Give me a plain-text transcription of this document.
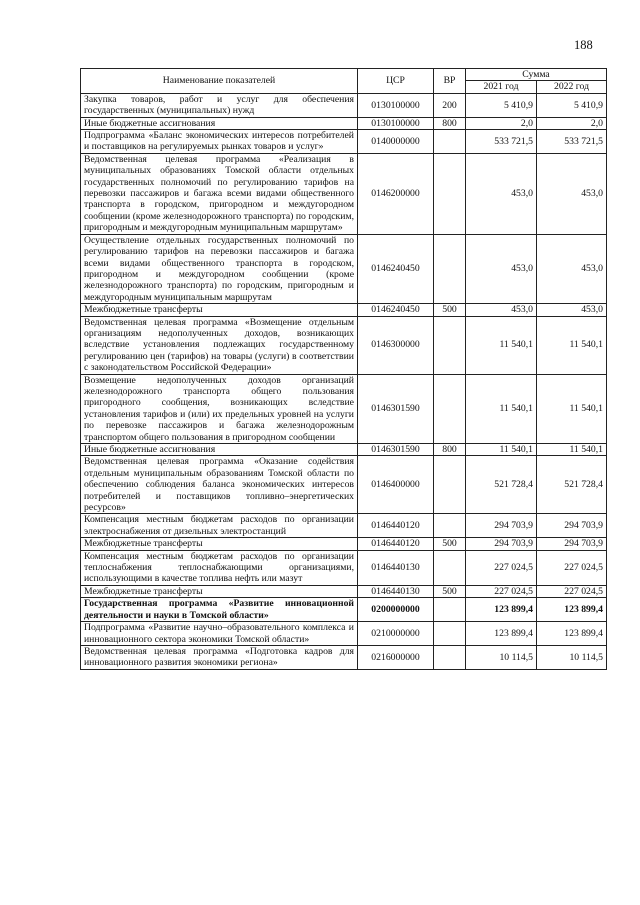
188
Наименование показателей	ЦСР	ВР	Сумма	
			2021 год	2022 год
Закупка товаров, работ и услуг для обеспечения государственных (муниципальных) нужд	0130100000	200	5 410,9	5 410,9
Иные бюджетные ассигнования	0130100000	800	2,0	2,0
Подпрограмма «Баланс экономических интересов потребителей и поставщиков на регулируемых рынках товаров и услуг»	0140000000		533 721,5	533 721,5
Ведомственная целевая программа «Реализация в муниципальных образованиях Томской области отдельных государственных полномочий по регулированию тарифов на перевозки пассажиров и багажа всеми видами общественного транспорта в городском, пригородном и междугородном сообщении (кроме железнодорожного транспорта) по городским, пригородным и междугородным муниципальным маршрутам»	0146200000		453,0	453,0
Осуществление отдельных государственных полномочий по регулированию тарифов на перевозки пассажиров и багажа всеми видами общественного транспорта в городском, пригородном и междугородном сообщении (кроме железнодорожного транспорта) по городским, пригородным и междугородным муниципальным маршрутам	0146240450		453,0	453,0
Межбюджетные трансферты	0146240450	500	453,0	453,0
Ведомственная целевая программа «Возмещение отдельным организациям недополученных доходов, возникающих вследствие установления подлежащих государственному регулированию цен (тарифов) на товары (услуги) в соответствии с законодательством Российской Федерации»	0146300000		11 540,1	11 540,1
Возмещение недополученных доходов организаций железнодорожного транспорта общего пользования пригородного сообщения, возникающих вследствие установления тарифов и (или) их предельных уровней на услуги по перевозке пассажиров и багажа железнодорожным транспортом общего пользования в пригородном сообщении	0146301590		11 540,1	11 540,1
Иные бюджетные ассигнования	0146301590	800	11 540,1	11 540,1
Ведомственная целевая программа «Оказание содействия отдельным муниципальным образованиям Томской области по обеспечению соблюдения баланса экономических интересов потребителей и поставщиков топливно–энергетических ресурсов»	0146400000		521 728,4	521 728,4
Компенсация местным бюджетам расходов по организации электроснабжения от дизельных электростанций	0146440120		294 703,9	294 703,9
Межбюджетные трансферты	0146440120	500	294 703,9	294 703,9
Компенсация местным бюджетам расходов по организации теплоснабжения теплоснабжающими организациями, использующими в качестве топлива нефть или мазут	0146440130		227 024,5	227 024,5
Межбюджетные трансферты	0146440130	500	227 024,5	227 024,5
Государственная программа «Развитие инновационной деятельности и науки в Томской области»	0200000000		123 899,4	123 899,4
Подпрограмма «Развитие научно–образовательного комплекса и инновационного сектора экономики Томской области»	0210000000		123 899,4	123 899,4
Ведомственная целевая программа «Подготовка кадров для инновационного развития экономики региона»	0216000000		10 114,5	10 114,5
